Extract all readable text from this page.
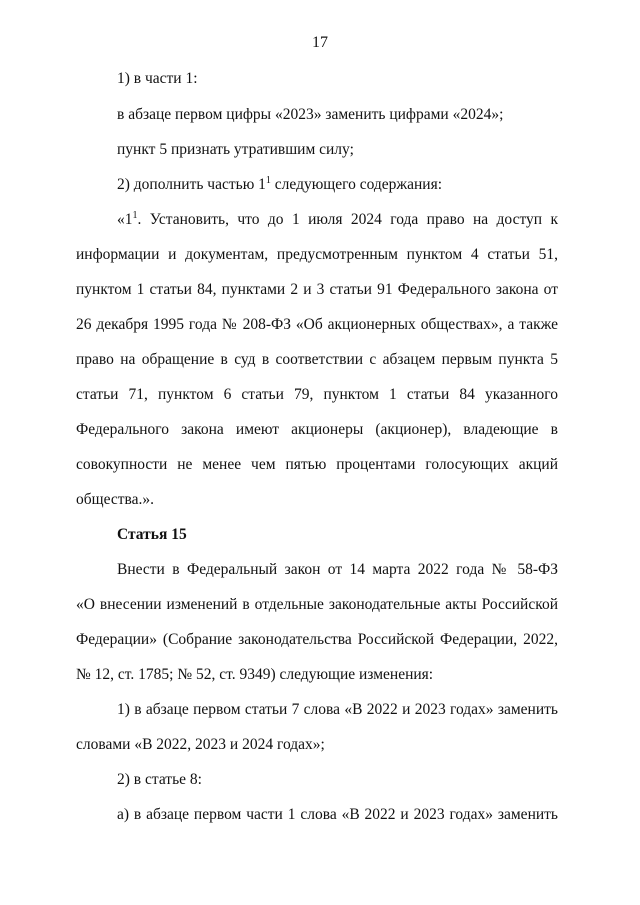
17
1) в части 1:
в абзаце первом цифры «2023» заменить цифрами «2024»;
пункт 5 признать утратившим силу;
2) дополнить частью $1^1$ следующего содержания:
«$1^1$. Установить, что до 1 июля 2024 года право на доступ к
информации и документам, предусмотренным пунктом 4 статьи 51,
пунктом 1 статьи 84, пунктами 2 и 3 статьи 91 Федерального закона от
26 декабря 1995 года № 208-ФЗ «Об акционерных обществах», а также
право на обращение в суд в соответствии с абзацем первым пункта 5
статьи 71, пунктом 6 статьи 79, пунктом 1 статьи 84 указанного
Федерального закона имеют акционеры (акционер), владеющие в
совокупности не менее чем пятью процентами голосующих акций
общества.».
Статья 15
Внести в Федеральный закон от 14 марта 2022 года № 58-ФЗ
«О внесении изменений в отдельные законодательные акты Российской
Федерации» (Собрание законодательства Российской Федерации, 2022,
№ 12, ст. 1785; № 52, ст. 9349) следующие изменения:
1) в абзаце первом статьи 7 слова «В 2022 и 2023 годах» заменить
словами «В 2022, 2023 и 2024 годах»;
2) в статье 8:
а) в абзаце первом части 1 слова «В 2022 и 2023 годах» заменить
